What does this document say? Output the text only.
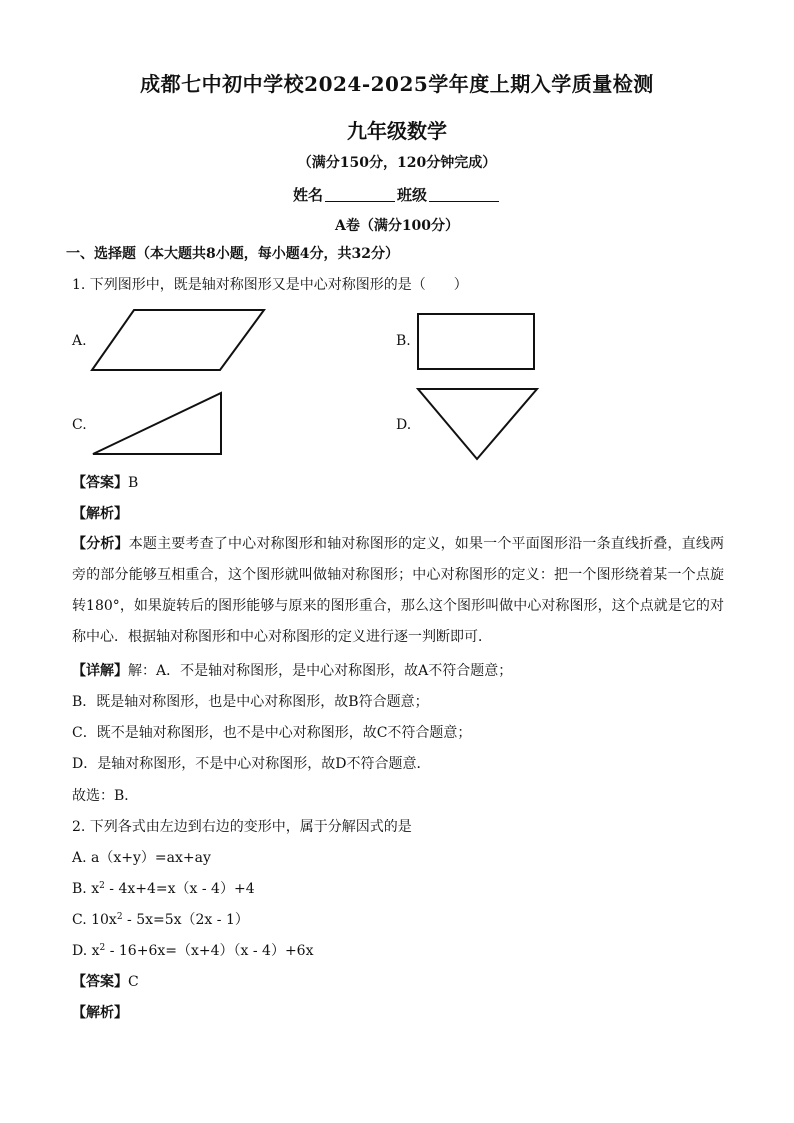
成都七中初中学校2024-2025学年度上期入学质量检测
九年级数学
（满分150分，120分钟完成）
姓名	班级
A卷（满分100分）
一、选择题（本大题共8小题，每小题4分，共32分）
1. 下列图形中，既是轴对称图形又是中心对称图形的是（　　）
A.	B.
C.	D.
【答案】B
【解析】
【分析】本题主要考查了中心对称图形和轴对称图形的定义，如果一个平面图形沿一条直线折叠，直线两旁的部分能够互相重合，这个图形就叫做轴对称图形；中心对称图形的定义：把一个图形绕着某一个点旋转180°，如果旋转后的图形能够与原来的图形重合，那么这个图形叫做中心对称图形，这个点就是它的对称中心．根据轴对称图形和中心对称图形的定义进行逐一判断即可．
【详解】解：A．不是轴对称图形，是中心对称图形，故A不符合题意；
B．既是轴对称图形，也是中心对称图形，故B符合题意；
C．既不是轴对称图形，也不是中心对称图形，故C不符合题意；
D．是轴对称图形，不是中心对称图形，故D不符合题意．
故选：B．
2. 下列各式由左边到右边的变形中，属于分解因式的是
A. a（x+y）=ax+ay
B. $x^2 - 4x+4=x(x - 4)+4$
C. $10x^2 - 5x=5x(2x - 1)$
D. $x^2 - 16+6x=(x+4)(x - 4)+6x$
【答案】C
【解析】
